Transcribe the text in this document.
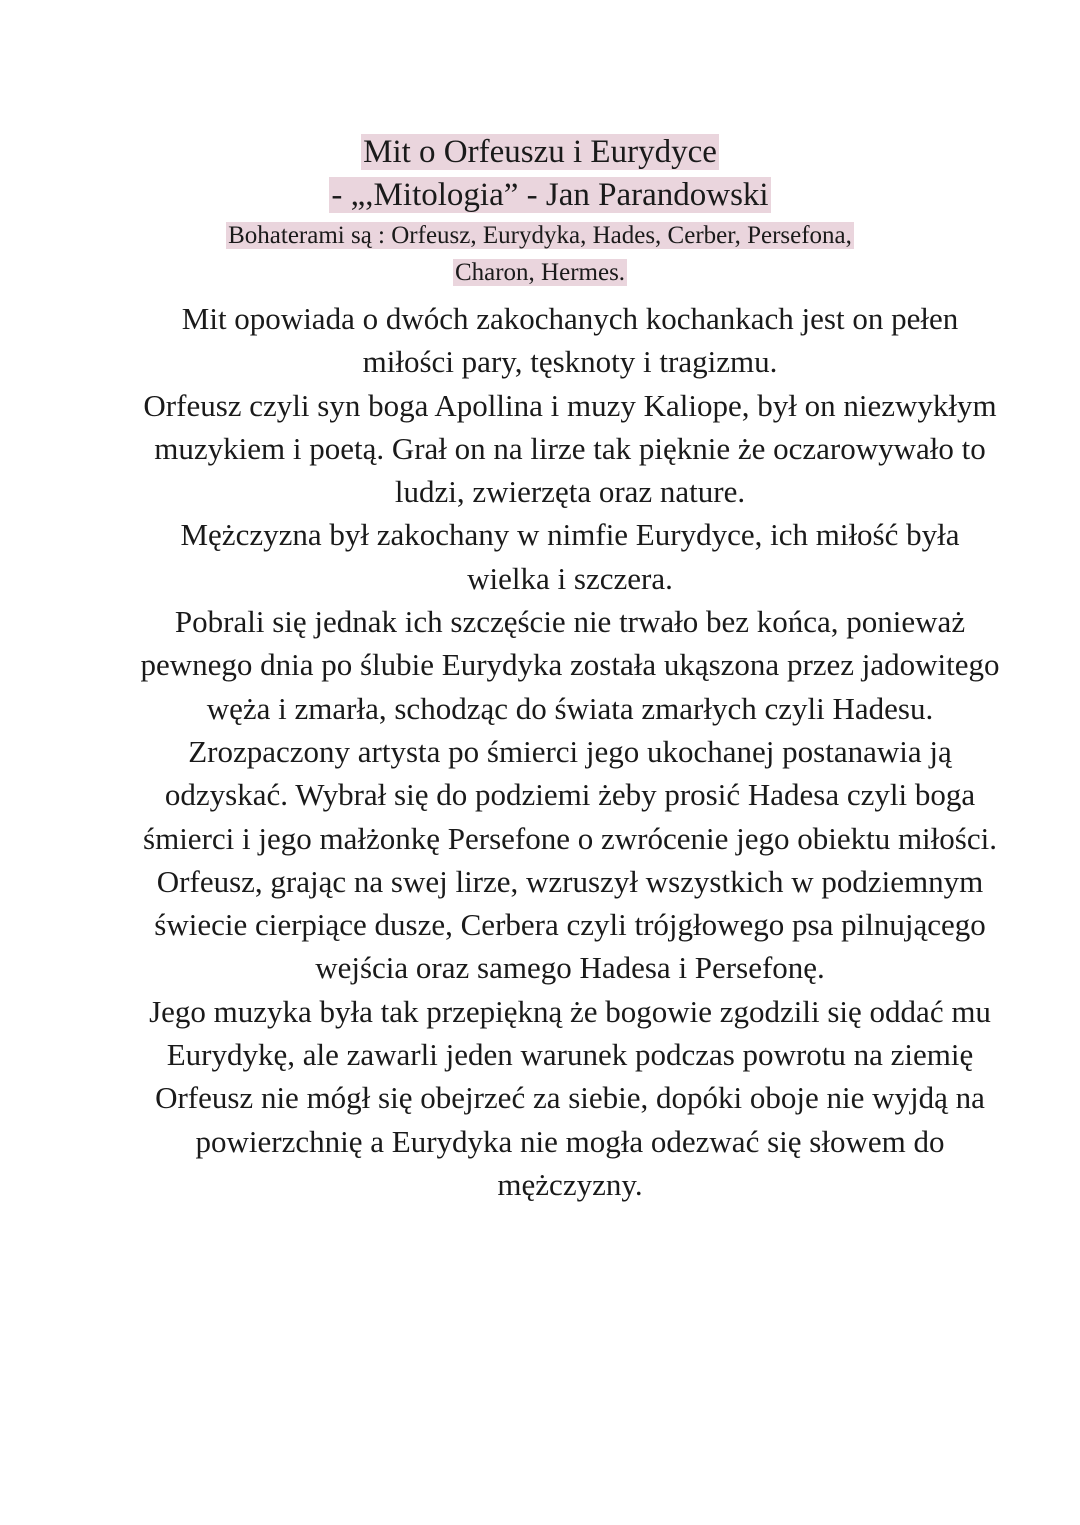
Mit o Orfeuszu i Eurydyce
- „,Mitologia” - Jan Parandowski
Bohaterami są : Orfeusz, Eurydyka, Hades, Cerber, Persefona,
Charon, Hermes.

Mit opowiada o dwóch zakochanych kochankach jest on pełen miłości pary, tęsknoty i tragizmu.

Orfeusz czyli syn boga Apollina i muzy Kaliope, był on niezwykłym muzykiem i poetą. Grał on na lirze tak pięknie że oczarowywało to ludzi, zwierzęta oraz nature.

Mężczyzna był zakochany w nimfie Eurydyce, ich miłość była wielka i szczera.

Pobrali się jednak ich szczęście nie trwało bez końca, ponieważ pewnego dnia po ślubie Eurydyka została ukąszona przez jadowitego węża i zmarła, schodząc do świata zmarłych czyli Hadesu. Zrozpaczony artysta po śmierci jego ukochanej postanawia ją odzyskać. Wybrał się do podziemi żeby prosić Hadesa czyli boga śmierci i jego małżonkę Persefone o zwrócenie jego obiektu miłości.

Orfeusz, grając na swej lirze, wzruszył wszystkich w podziemnym świecie cierpiące dusze, Cerbera czyli trójgłowego psa pilnującego wejścia oraz samego Hadesa i Persefonę.

Jego muzyka była tak przepiękną że bogowie zgodzili się oddać mu Eurydykę, ale zawarli jeden warunek podczas powrotu na ziemię Orfeusz nie mógł się obejrzeć za siebie, dopóki oboje nie wyjdą na powierzchnię a Eurydyka nie mogła odezwać się słowem do mężczyzny.
